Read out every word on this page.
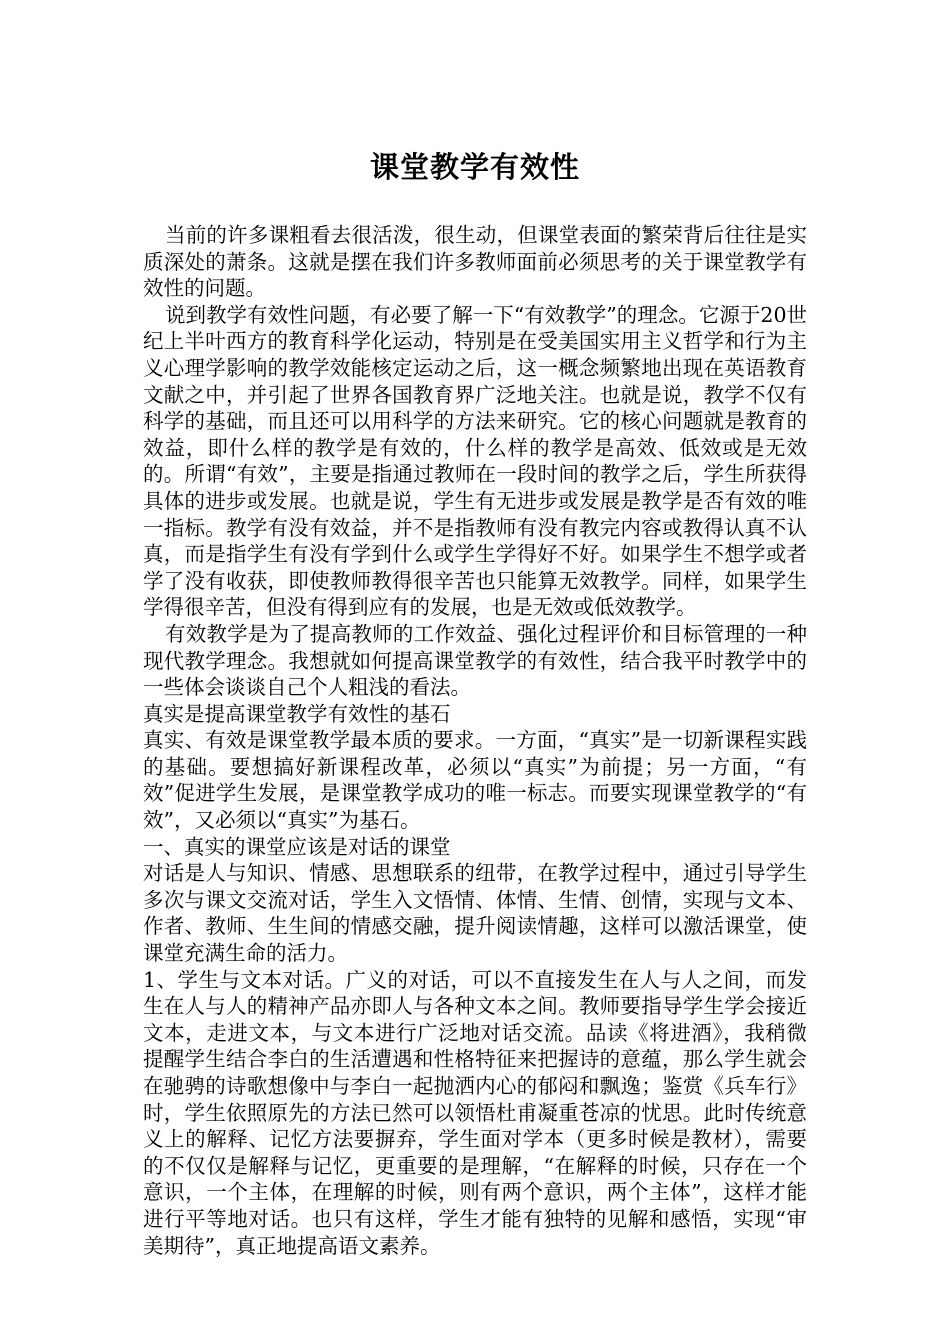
课堂教学有效性

当前的许多课粗看去很活泼，很生动，但课堂表面的繁荣背后往往是实质深处的萧条。这就是摆在我们许多教师面前必须思考的关于课堂教学有效性的问题。

说到教学有效性问题，有必要了解一下“有效教学”的理念。它源于20世纪上半叶西方的教育科学化运动，特别是在受美国实用主义哲学和行为主义心理学影响的教学效能核定运动之后，这一概念频繁地出现在英语教育文献之中，并引起了世界各国教育界广泛地关注。也就是说，教学不仅有科学的基础，而且还可以用科学的方法来研究。它的核心问题就是教育的效益，即什么样的教学是有效的，什么样的教学是高效、低效或是无效的。所谓“有效”，主要是指通过教师在一段时间的教学之后，学生所获得具体的进步或发展。也就是说，学生有无进步或发展是教学是否有效的唯一指标。教学有没有效益，并不是指教师有没有教完内容或教得认真不认真，而是指学生有没有学到什么或学生学得好不好。如果学生不想学或者学了没有收获，即使教师教得很辛苦也只能算无效教学。同样，如果学生学得很辛苦，但没有得到应有的发展，也是无效或低效教学。

有效教学是为了提高教师的工作效益、强化过程评价和目标管理的一种现代教学理念。我想就如何提高课堂教学的有效性，结合我平时教学中的一些体会谈谈自己个人粗浅的看法。

真实是提高课堂教学有效性的基石

真实、有效是课堂教学最本质的要求。一方面，“真实”是一切新课程实践的基础。要想搞好新课程改革，必须以“真实”为前提；另一方面，“有效”促进学生发展，是课堂教学成功的唯一标志。而要实现课堂教学的“有效”，又必须以“真实”为基石。

一、真实的课堂应该是对话的课堂

对话是人与知识、情感、思想联系的纽带，在教学过程中，通过引导学生多次与课文交流对话，学生入文悟情、体情、生情、创情，实现与文本、作者、教师、生生间的情感交融，提升阅读情趣，这样可以激活课堂，使课堂充满生命的活力。

1、学生与文本对话。广义的对话，可以不直接发生在人与人之间，而发生在人与人的精神产品亦即人与各种文本之间。教师要指导学生学会接近文本，走进文本，与文本进行广泛地对话交流。品读《将进酒》，我稍微提醒学生结合李白的生活遭遇和性格特征来把握诗的意蕴，那么学生就会在驰骋的诗歌想像中与李白一起抛洒内心的郁闷和飘逸；鉴赏《兵车行》时，学生依照原先的方法已然可以领悟杜甫凝重苍凉的忧思。此时传统意义上的解释、记忆方法要摒弃，学生面对学本（更多时候是教材），需要的不仅仅是解释与记忆，更重要的是理解，“在解释的时候，只存在一个意识，一个主体，在理解的时候，则有两个意识，两个主体”，这样才能进行平等地对话。也只有这样，学生才能有独特的见解和感悟，实现“审美期待”，真正地提高语文素养。
